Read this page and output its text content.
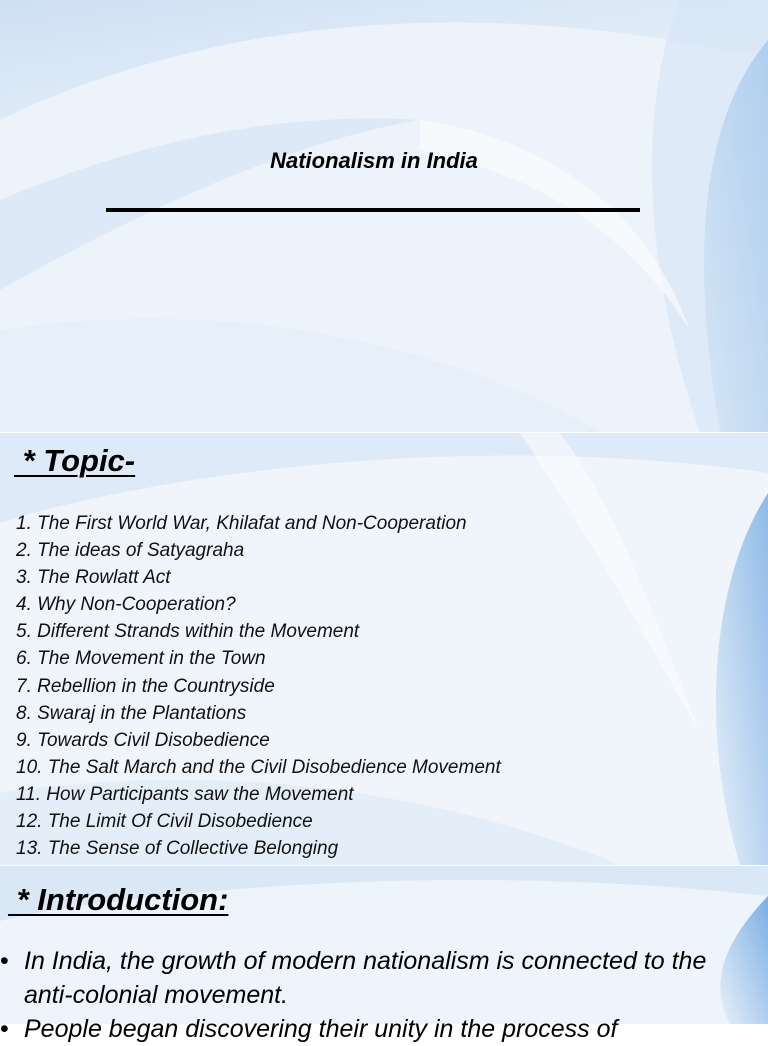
Nationalism in India
* Topic-
1. The First World War, Khilafat and Non-Cooperation
2. The ideas of Satyagraha
3. The Rowlatt Act
4. Why Non-Cooperation?
5. Different Strands within the Movement
6. The Movement in the Town
7. Rebellion in the Countryside
8. Swaraj in the Plantations
9. Towards Civil Disobedience
10. The Salt March and the Civil Disobedience Movement
11. How Participants saw the Movement
12. The Limit Of Civil Disobedience
13. The Sense of Collective Belonging
* Introduction:
• In India, the growth of modern nationalism is connected to the anti-colonial movement.
• People began discovering their unity in the process of
